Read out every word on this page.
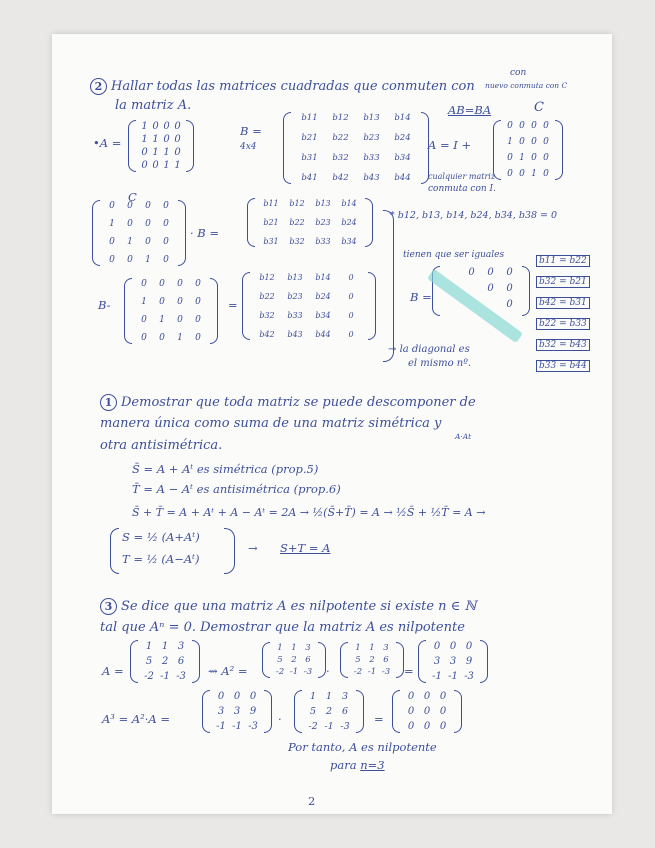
2 Hallar todas las matrices cuadradas que conmuten con
con
nuevo conmuta con C
la matriz A.
•A =
1 0 0 0
1 1 0 0
0 1 1 0
0 0 1 1
B =
4x4
b11	b12	b13	b14
b21	b22	b23	b24
b31	b32	b33	b34
b41	b42	b43	b44
AB=BA	C
A = I +
0 0 0 0
1 0 0 0
0 1 0 0
0 0 1 0
cualquier matriz
conmuta con I.
C
0	0	0	0
1	0	0	0
0	1	0	0
0	0	1	0
· B =
b11	b12	b13	b14
b21	b22	b23	b24
b31	b32	b33	b34
* b12, b13, b14, b24, b34, b38 = 0
tienen que ser iguales
B-
0	0	0	0
1	0	0	0
0	1	0	0
0	0	1	0
=
b12	b13	b14	0
b22	b23	b24	0
b32	b33	b34	0
b42	b43	b44	0
B =
0	0	0
0	0
0
b11 = b22
b32 = b21
b42 = b31
b22 = b33
b32 = b43
b33 = b44
→ la diagonal es
el mismo nº.
1 Demostrar que toda matriz se puede descomponer de
manera única como suma de una matriz simétrica y
A·At
otra antisimétrica.
S̄ = A + Aᵗ es simétrica (prop.5)
T̄ = A − Aᵗ es antisimétrica (prop.6)
S̄ + T̄ = A + Aᵗ + A − Aᵗ = 2A → ½(S̄+T̄) = A → ½S̄ + ½T̄ = A →
S = ½ (A+Aᵗ)
T = ½ (A−Aᵗ)
→ S+T = A
3 Se dice que una matriz A es nilpotente si existe n ∈ ℕ
tal que Aⁿ = 0. Demostrar que la matriz A es nilpotente
A =
1 1 3
5 2 6
-2 -1 -3 ⇝ A² =
1	1	3
5	2	6
-2 -1 -3 ·
1	1	3
5	2	6
-2 -1 -3 =
0 0 0
3 3 9
-1 -1 -3
A³ = A²·A =
0 0 0
3 3 9
-1 -1 -3
·
1	1	3
5	2	6
-2 -1 -3
=
0 0 0
0 0 0
0 0 0
Por tanto, A es nilpotente
para n=3
2
